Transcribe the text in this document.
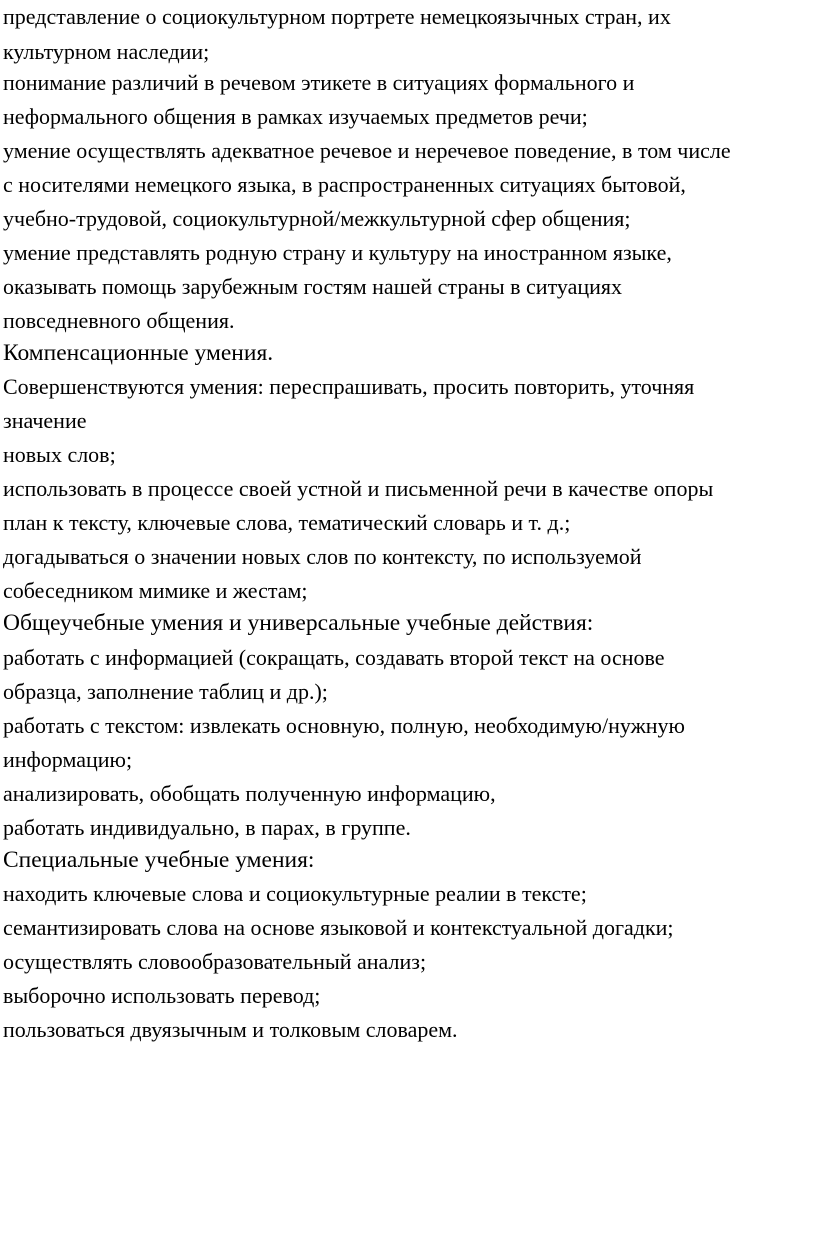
представление о социокультурном портрете немецкоязычных стран, их
культурном наследии;
понимание различий в речевом этикете в ситуациях формального и
неформального общения в рамках изучаемых предметов речи;
умение осуществлять адекватное речевое и неречевое поведение, в том числе
с носителями немецкого языка, в распространенных ситуациях бытовой,
учебно-трудовой, социокультурной/межкультурной сфер общения;
умение представлять родную страну и культуру на иностранном языке,
оказывать помощь зарубежным гостям нашей страны в ситуациях
повседневного общения.
Компенсационные умения.
Совершенствуются умения: переспрашивать, просить повторить, уточняя
значение
новых слов;
использовать в процессе своей устной и письменной речи в качестве опоры
план к тексту, ключевые слова, тематический словарь и т. д.;
догадываться о значении новых слов по контексту, по используемой
собеседником мимике и жестам;
Общеучебные умения и универсальные учебные действия:
работать с информацией (сокращать, создавать второй текст на основе
образца, заполнение таблиц и др.);
работать с текстом: извлекать основную, полную, необходимую/нужную
информацию;
анализировать, обобщать полученную информацию,
работать индивидуально, в парах, в группе.
Специальные учебные умения:
находить ключевые слова и социокультурные реалии в тексте;
семантизировать слова на основе языковой и контекстуальной догадки;
осуществлять словообразовательный анализ;
выборочно использовать перевод;
пользоваться двуязычным и толковым словарем.
